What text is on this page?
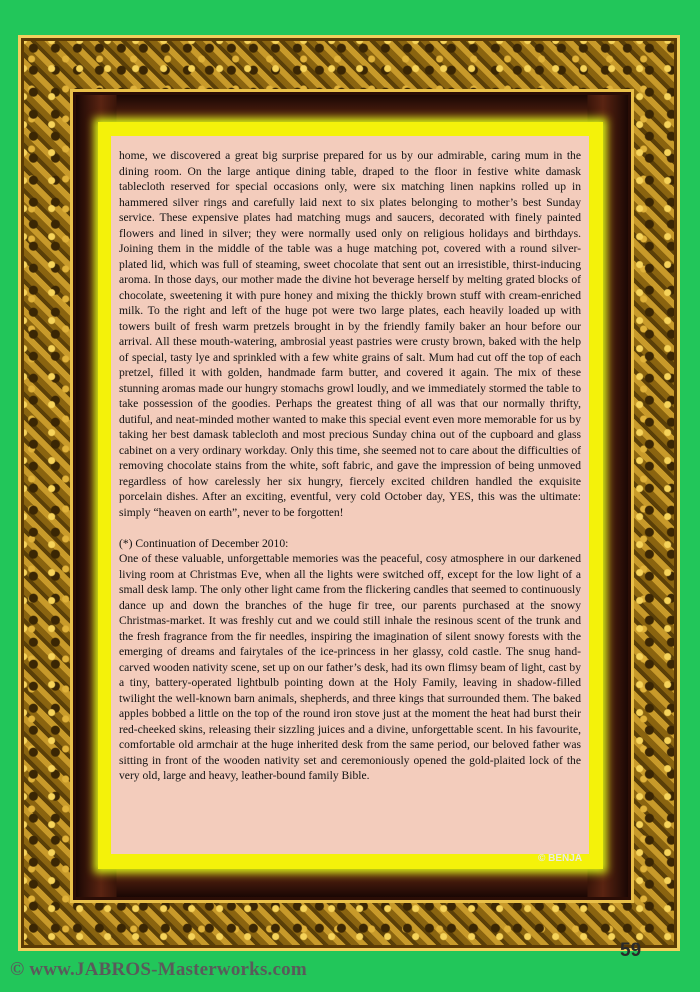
home, we discovered a great big surprise prepared for us by our admirable, caring mum in the dining room. On the large antique dining table, draped to the floor in festive white damask tablecloth reserved for special occasions only, were six matching linen napkins rolled up in hammered silver rings and carefully laid next to six plates belonging to mother’s best Sunday service. These expensive plates had matching mugs and saucers, decorated with finely painted flowers and lined in silver; they were normally used only on religious holidays and birthdays. Joining them in the middle of the table was a huge matching pot, covered with a round silver-plated lid, which was full of steaming, sweet chocolate that sent out an irresistible, thirst-inducing aroma. In those days, our mother made the divine hot beverage herself by melting grated blocks of chocolate, sweetening it with pure honey and mixing the thickly brown stuff with cream-enriched milk. To the right and left of the huge pot were two large plates, each heavily loaded up with towers built of fresh warm pretzels brought in by the friendly family baker an hour before our arrival. All these mouth-watering, ambrosial yeast pastries were crusty brown, baked with the help of special, tasty lye and sprinkled with a few white grains of salt. Mum had cut off the top of each pretzel, filled it with golden, handmade farm butter, and covered it again. The mix of these stunning aromas made our hungry stomachs growl loudly, and we immediately stormed the table to take possession of the goodies. Perhaps the greatest thing of all was that our normally thrifty, dutiful, and neat-minded mother wanted to make this special event even more memorable for us by taking her best damask tablecloth and most precious Sunday china out of the cupboard and glass cabinet on a very ordinary workday. Only this time, she seemed not to care about the difficulties of removing chocolate stains from the white, soft fabric, and gave the impression of being unmoved regardless of how carelessly her six hungry, fiercely excited children handled the exquisite porcelain dishes. After an exciting, eventful, very cold October day, YES, this was the ultimate: simply “heaven on earth”, never to be forgotten!

(*) Continuation of December 2010:

One of these valuable, unforgettable memories was the peaceful, cosy atmosphere in our darkened living room at Christmas Eve, when all the lights were switched off, except for the low light of a small desk lamp. The only other light came from the flickering candles that seemed to continuously dance up and down the branches of the huge fir tree, our parents purchased at the snowy Christmas-market. It was freshly cut and we could still inhale the resinous scent of the trunk and the fresh fragrance from the fir needles, inspiring the imagination of silent snowy forests with the emerging of dreams and fairytales of the ice-princess in her glassy, cold castle. The snug hand-carved wooden nativity scene, set up on our father’s desk, had its own flimsy beam of light, cast by a tiny, battery-operated lightbulb pointing down at the Holy Family, leaving in shadow-filled twilight the well-known barn animals, shepherds, and three kings that surrounded them. The baked apples bobbed a little on the top of the round iron stove just at the moment the heat had burst their red-cheeked skins, releasing their sizzling juices and a divine, unforgettable scent. In his favourite, comfortable old armchair at the huge inherited desk from the same period, our beloved father was sitting in front of the wooden nativity set and ceremoniously opened the gold-plaited lock of the very old, large and heavy, leather-bound family Bible.

© BENJA
59
© www.JABROS-Masterworks.com
